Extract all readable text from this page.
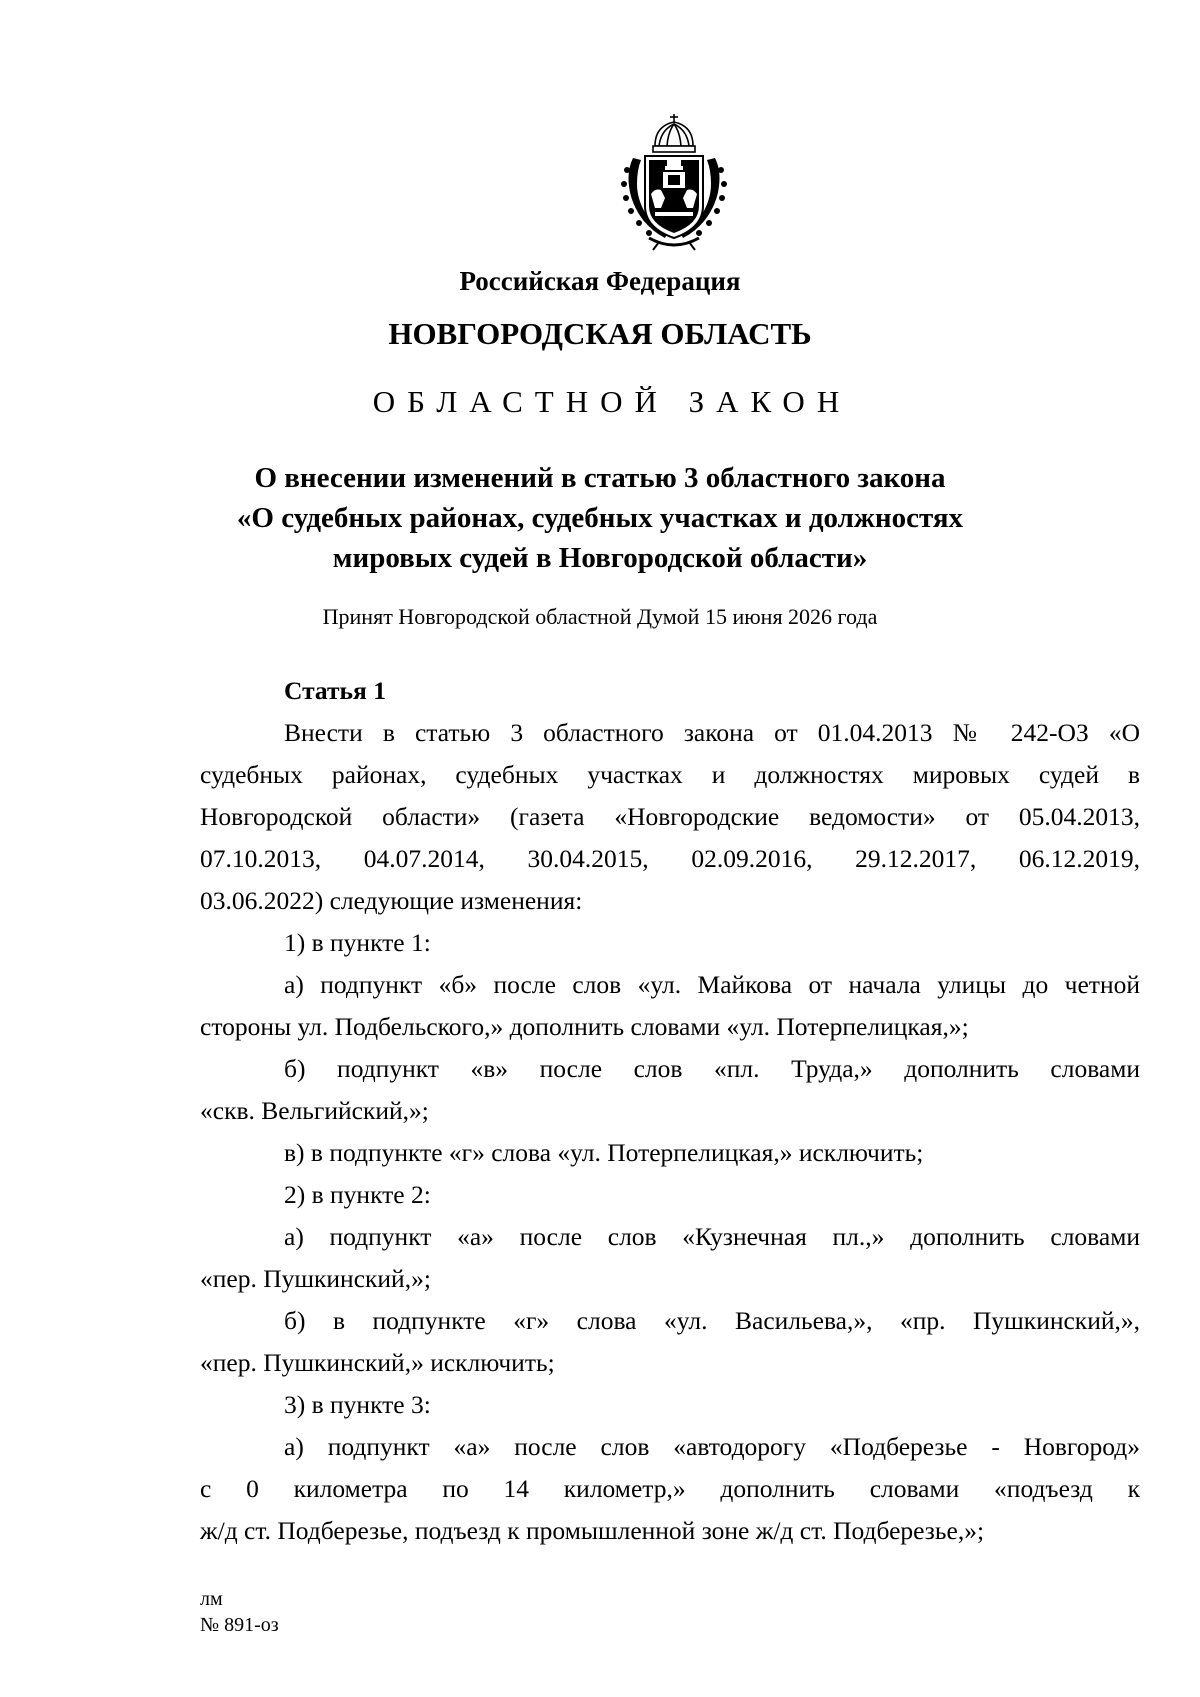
Российская Федерация
НОВГОРОДСКАЯ ОБЛАСТЬ
ОБЛАСТНОЙ ЗАКОН
О внесении изменений в статью 3 областного закона
«О судебных районах, судебных участках и должностях
мировых судей в Новгородской области»
Принят Новгородской областной Думой 15 июня 2026 года
Статья 1
Внести в статью 3 областного закона от 01.04.2013 № 242-ОЗ «О
судебных районах, судебных участках и должностях мировых судей в
Новгородской области» (газета «Новгородские ведомости» от 05.04.2013,
07.10.2013, 04.07.2014, 30.04.2015, 02.09.2016, 29.12.2017, 06.12.2019,
03.06.2022) следующие изменения:
1) в пункте 1:
а) подпункт «б» после слов «ул. Майкова от начала улицы до четной
стороны ул. Подбельского,» дополнить словами «ул. Потерпелицкая,»;
б) подпункт «в» после слов «пл. Труда,» дополнить словами
«скв. Вельгийский,»;
в) в подпункте «г» слова «ул. Потерпелицкая,» исключить;
2) в пункте 2:
а) подпункт «а» после слов «Кузнечная пл.,» дополнить словами
«пер. Пушкинский,»;
б) в подпункте «г» слова «ул. Васильева,», «пр. Пушкинский,»,
«пер. Пушкинский,» исключить;
3) в пункте 3:
а) подпункт «а» после слов «автодорогу «Подберезье - Новгород»
с 0 километра по 14 километр,» дополнить словами «подъезд к
ж/д ст. Подберезье, подъезд к промышленной зоне ж/д ст. Подберезье,»;
лм
№ 891-оз
